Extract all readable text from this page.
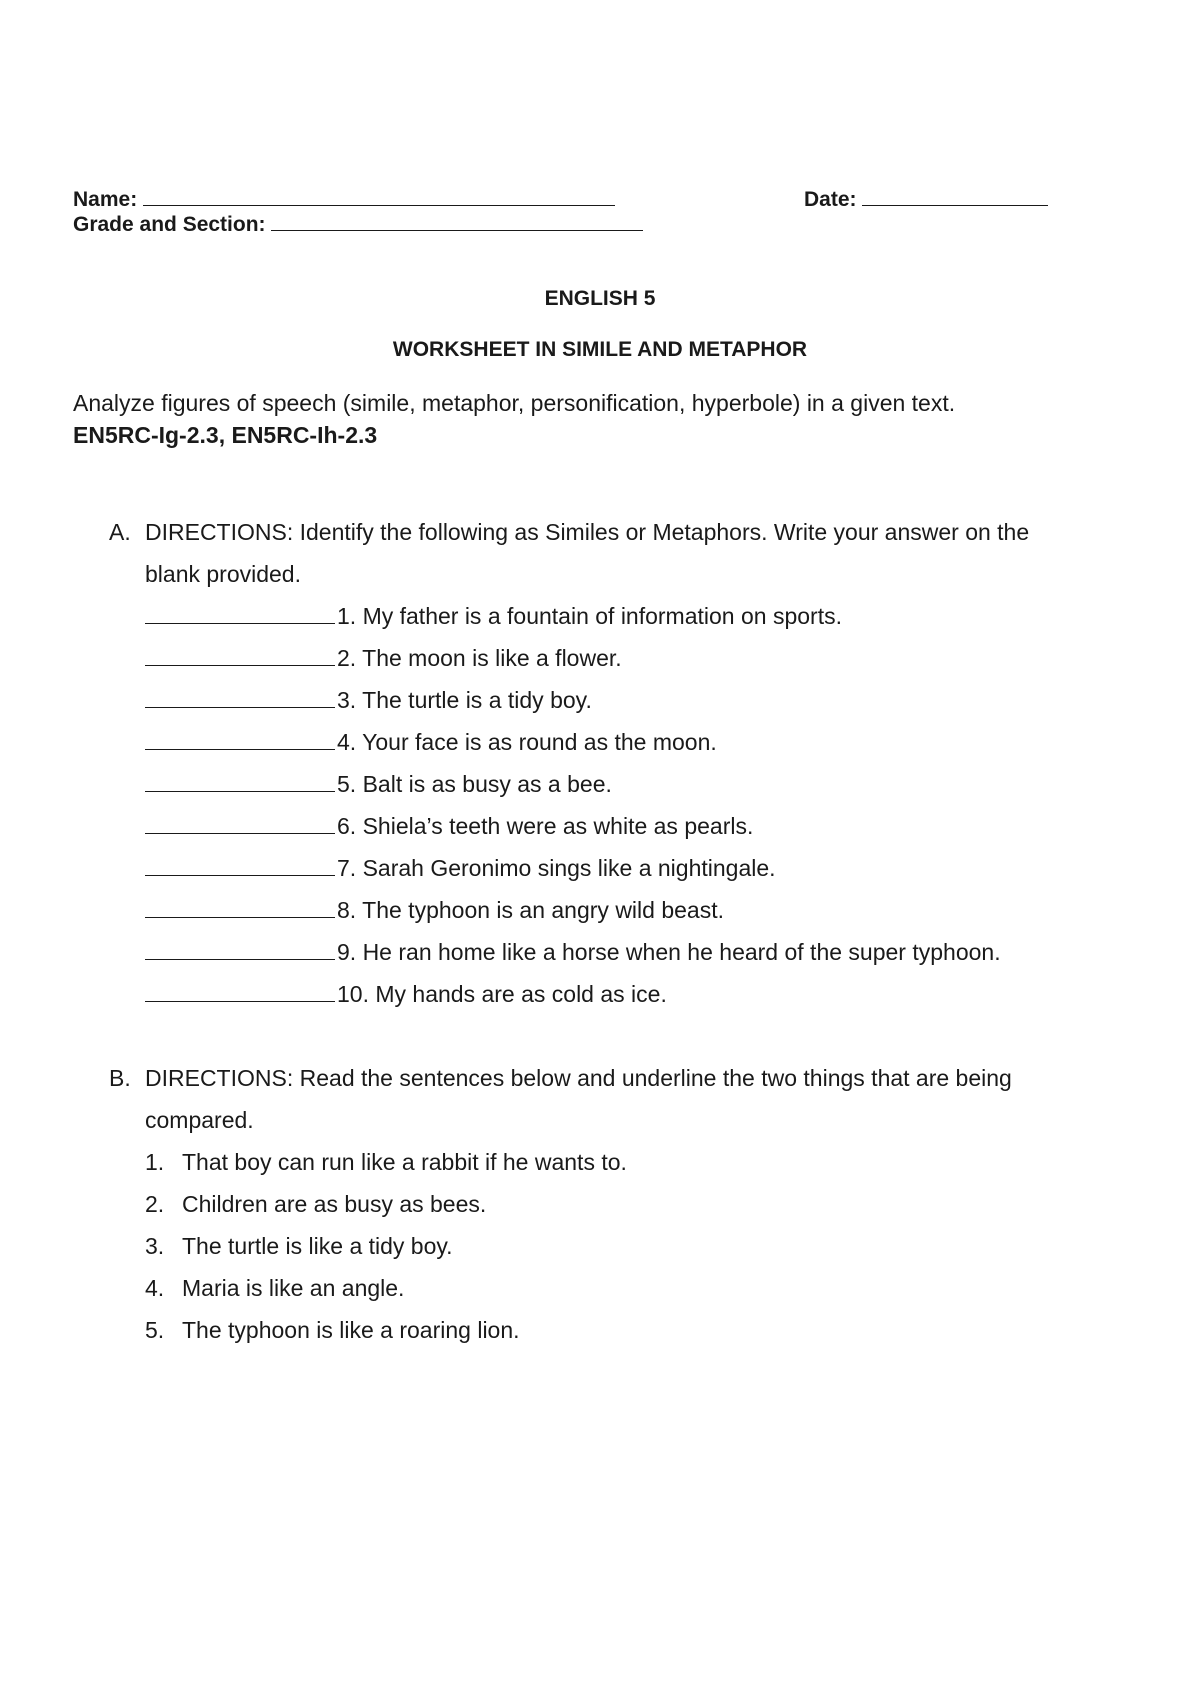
Name:	Date:
Grade and Section:
ENGLISH 5
WORKSHEET IN SIMILE AND METAPHOR
Analyze figures of speech (simile, metaphor, personification, hyperbole) in a given text.
EN5RC-Ig-2.3, EN5RC-Ih-2.3
A. DIRECTIONS: Identify the following as Similes or Metaphors. Write your answer on the
blank provided.
1. My father is a fountain of information on sports.
2. The moon is like a flower.
3. The turtle is a tidy boy.
4. Your face is as round as the moon.
5. Balt is as busy as a bee.
6. Shiela’s teeth were as white as pearls.
7. Sarah Geronimo sings like a nightingale.
8. The typhoon is an angry wild beast.
9. He ran home like a horse when he heard of the super typhoon.
10. My hands are as cold as ice.
B. DIRECTIONS: Read the sentences below and underline the two things that are being
compared.
1. That boy can run like a rabbit if he wants to.
2. Children are as busy as bees.
3. The turtle is like a tidy boy.
4. Maria is like an angle.
5. The typhoon is like a roaring lion.
